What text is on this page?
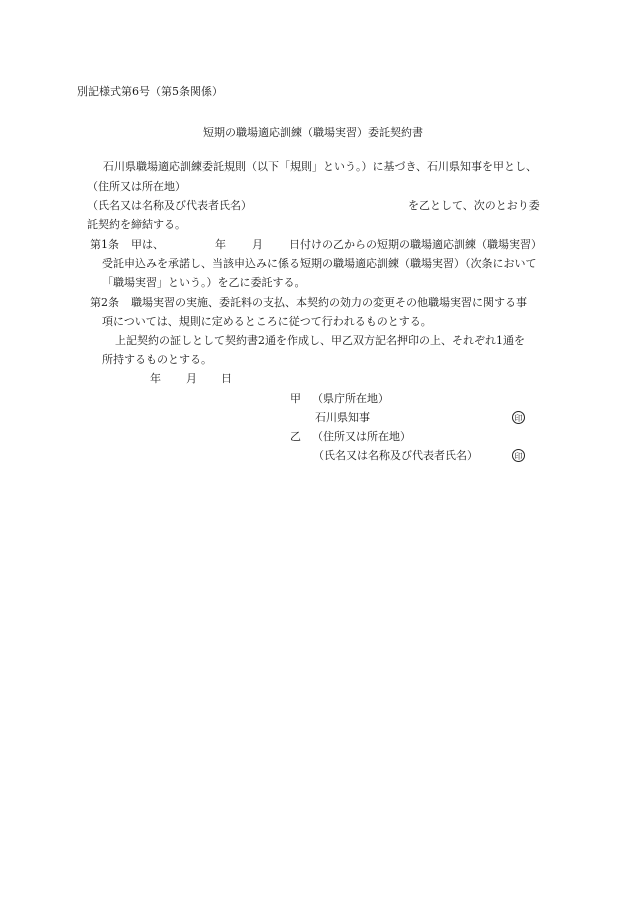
別記様式第6号（第5条関係）
短期の職場適応訓練（職場実習）委託契約書
石川県職場適応訓練委託規則（以下「規則」という。）に基づき、石川県知事を甲とし、
（住所又は所在地）
（氏名又は名称及び代表者氏名）	を乙として、次のとおり委
託契約を締結する。
第1条 甲は、	年 月 日付けの乙からの短期の職場適応訓練（職場実習）
受託申込みを承諾し、当該申込みに係る短期の職場適応訓練（職場実習）（次条において
「職場実習」という。）を乙に委託する。
第2条 職場実習の実施、委託料の支払、本契約の効力の変更その他職場実習に関する事
項については、規則に定めるところに従つて行われるものとする。
上記契約の証しとして契約書2通を作成し、甲乙双方記名押印の上、それぞれ1通を
所持するものとする。
年 月 日
甲 （県庁所在地）
石川県知事	印
乙 （住所又は所在地）
（氏名又は名称及び代表者氏名）	印
